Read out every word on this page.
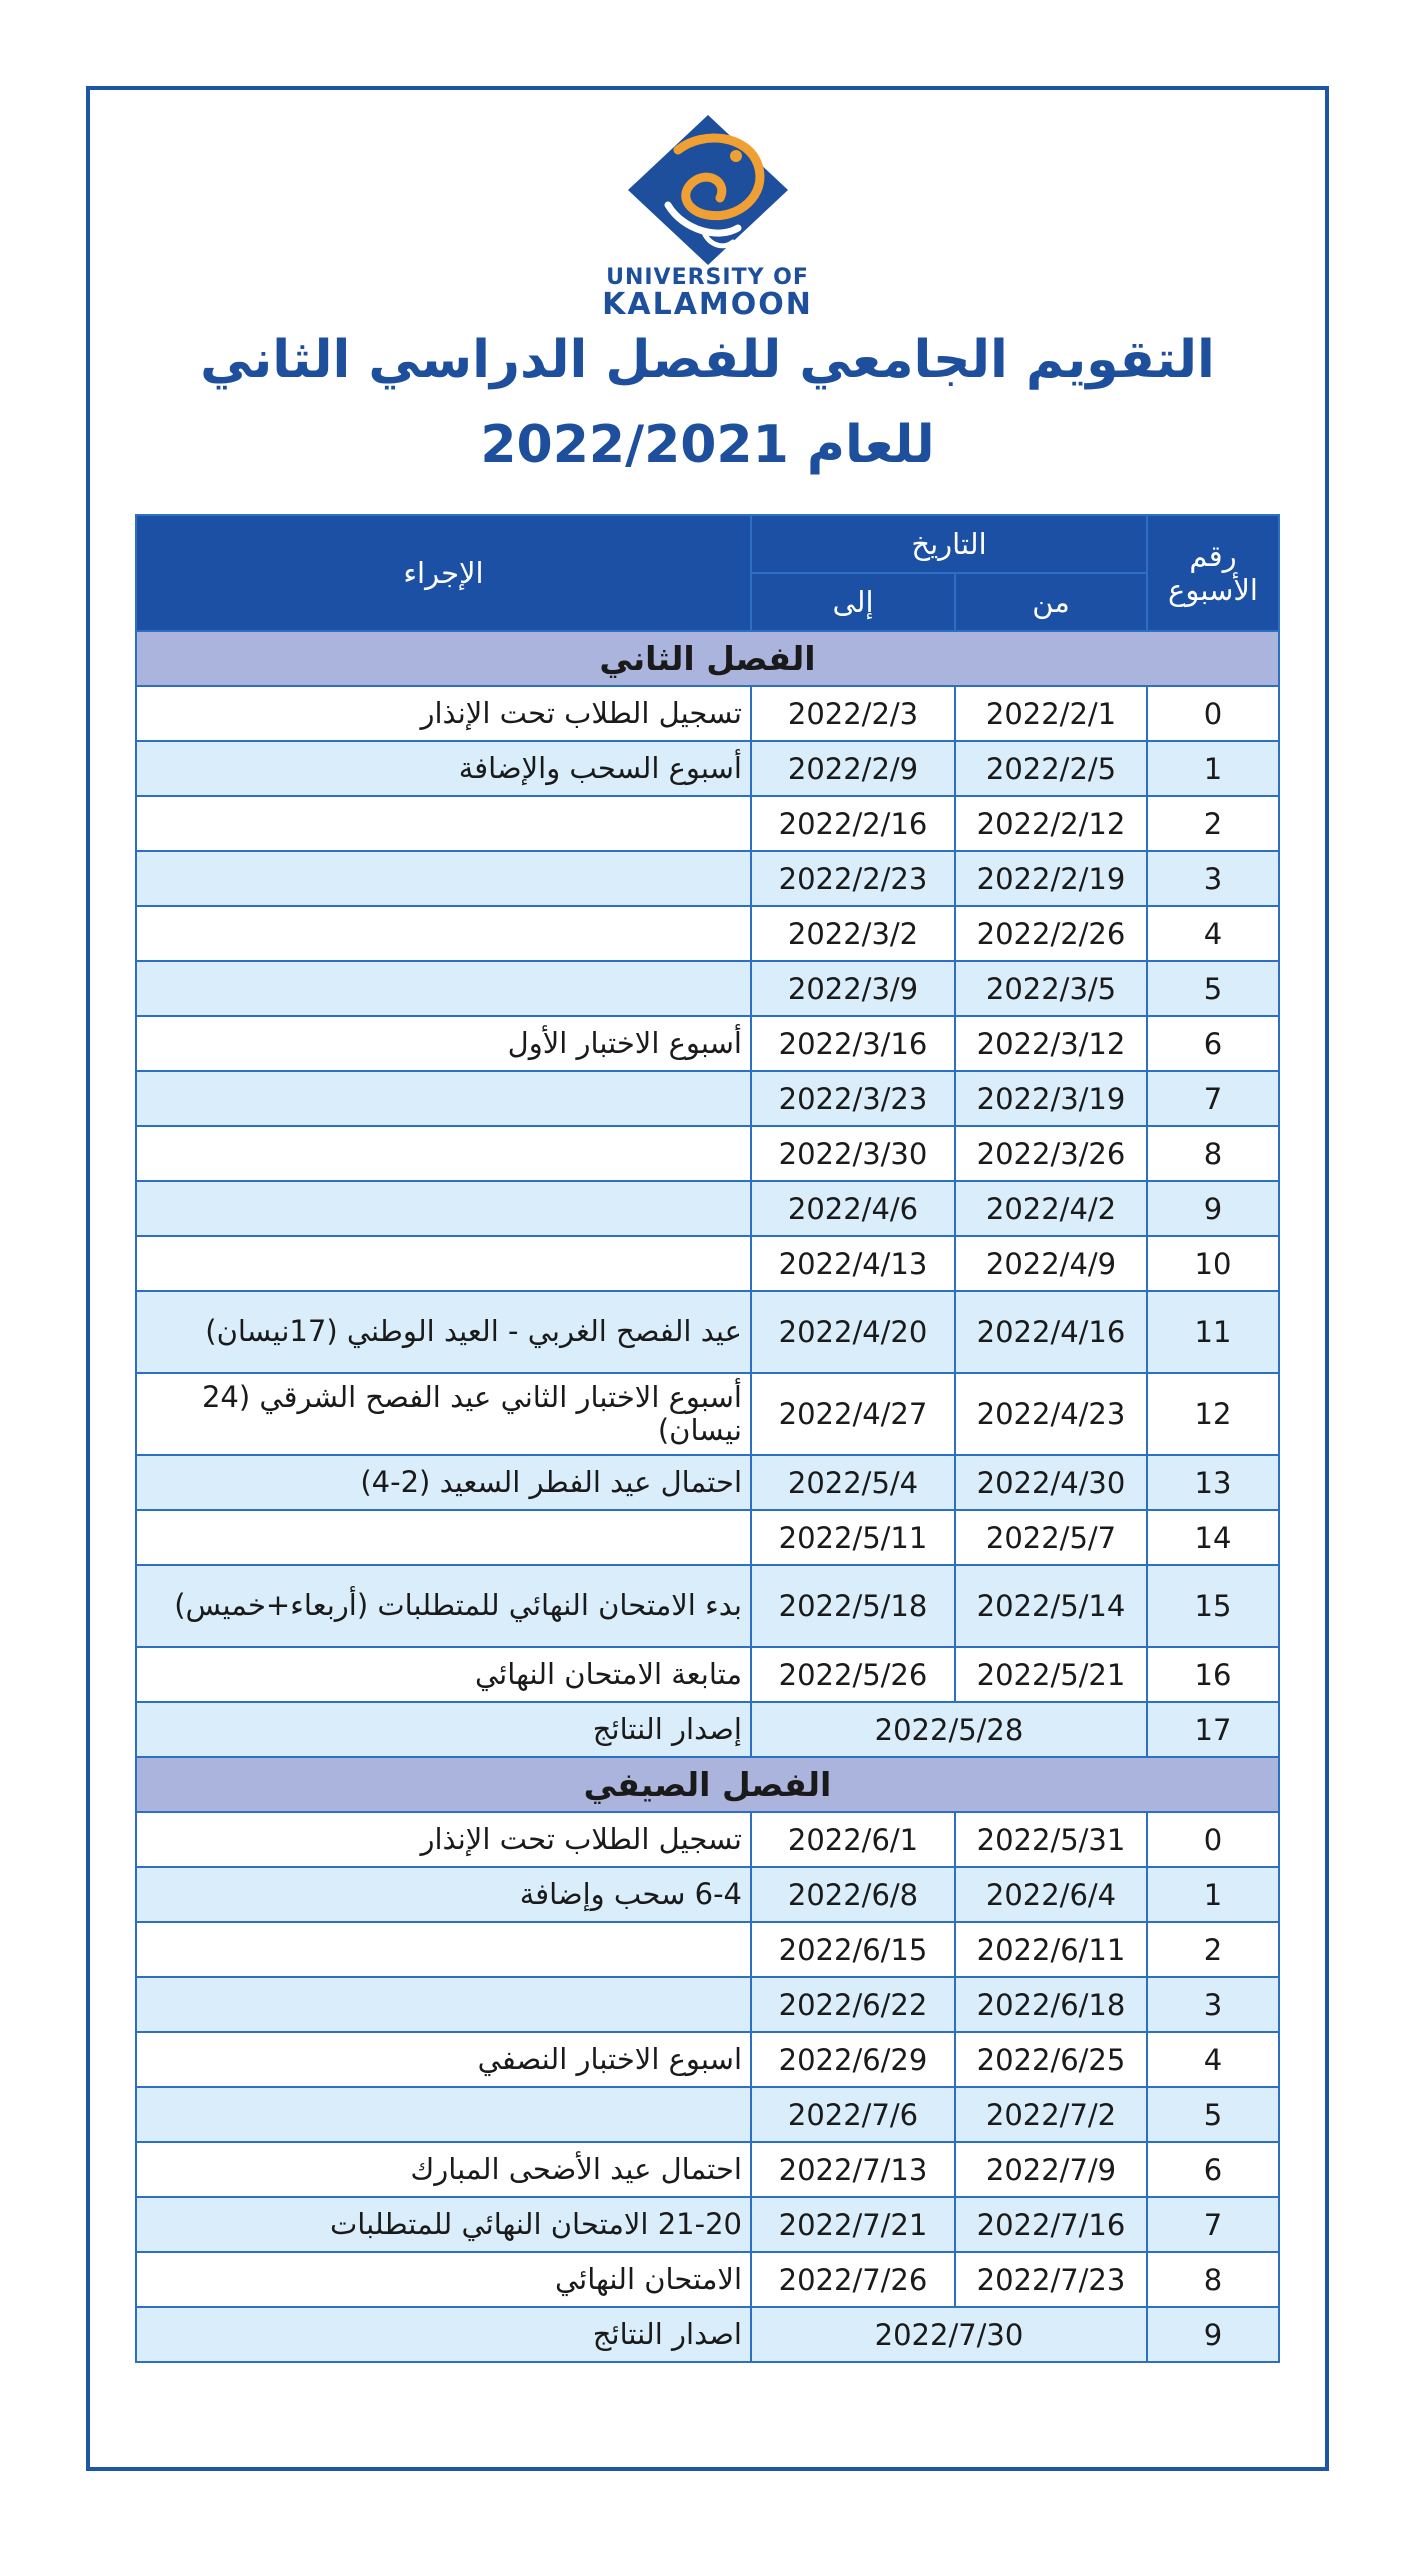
UNIVERSITY OF
KALAMOON
التقويم الجامعي للفصل الدراسي الثاني
للعام 2022/2021
رقم الأسبوع	التاريخ		الإجراء
	من	إلى	
الفصل الثاني			
0	2022/2/1	2022/2/3	تسجيل الطلاب تحت الإنذار
1	2022/2/5	2022/2/9	أسبوع السحب والإضافة
2	2022/2/12	2022/2/16	
3	2022/2/19	2022/2/23	
4	2022/2/26	2022/3/2	
5	2022/3/5	2022/3/9	
6	2022/3/12	2022/3/16	أسبوع الاختبار الأول
7	2022/3/19	2022/3/23	
8	2022/3/26	2022/3/30	
9	2022/4/2	2022/4/6	
10	2022/4/9	2022/4/13	
11	2022/4/16	2022/4/20	عيد الفصح الغربي - العيد الوطني (17نيسان)
12	2022/4/23	2022/4/27	أسبوع الاختبار الثاني عيد الفصح الشرقي (24 نيسان)
13	2022/4/30	2022/5/4	احتمال عيد الفطر السعيد (2-4)
14	2022/5/7	2022/5/11	
15	2022/5/14	2022/5/18	بدء الامتحان النهائي للمتطلبات (أربعاء+خميس)
16	2022/5/21	2022/5/26	متابعة الامتحان النهائي
17	2022/5/28		إصدار النتائج
الفصل الصيفي			
0	2022/5/31	2022/6/1	تسجيل الطلاب تحت الإنذار
1	2022/6/4	2022/6/8	6-4 سحب وإضافة
2	2022/6/11	2022/6/15	
3	2022/6/18	2022/6/22	
4	2022/6/25	2022/6/29	اسبوع الاختبار النصفي
5	2022/7/2	2022/7/6	
6	2022/7/9	2022/7/13	احتمال عيد الأضحى المبارك
7	2022/7/16	2022/7/21	21-20 الامتحان النهائي للمتطلبات
8	2022/7/23	2022/7/26	الامتحان النهائي
9	2022/7/30		اصدار النتائج
